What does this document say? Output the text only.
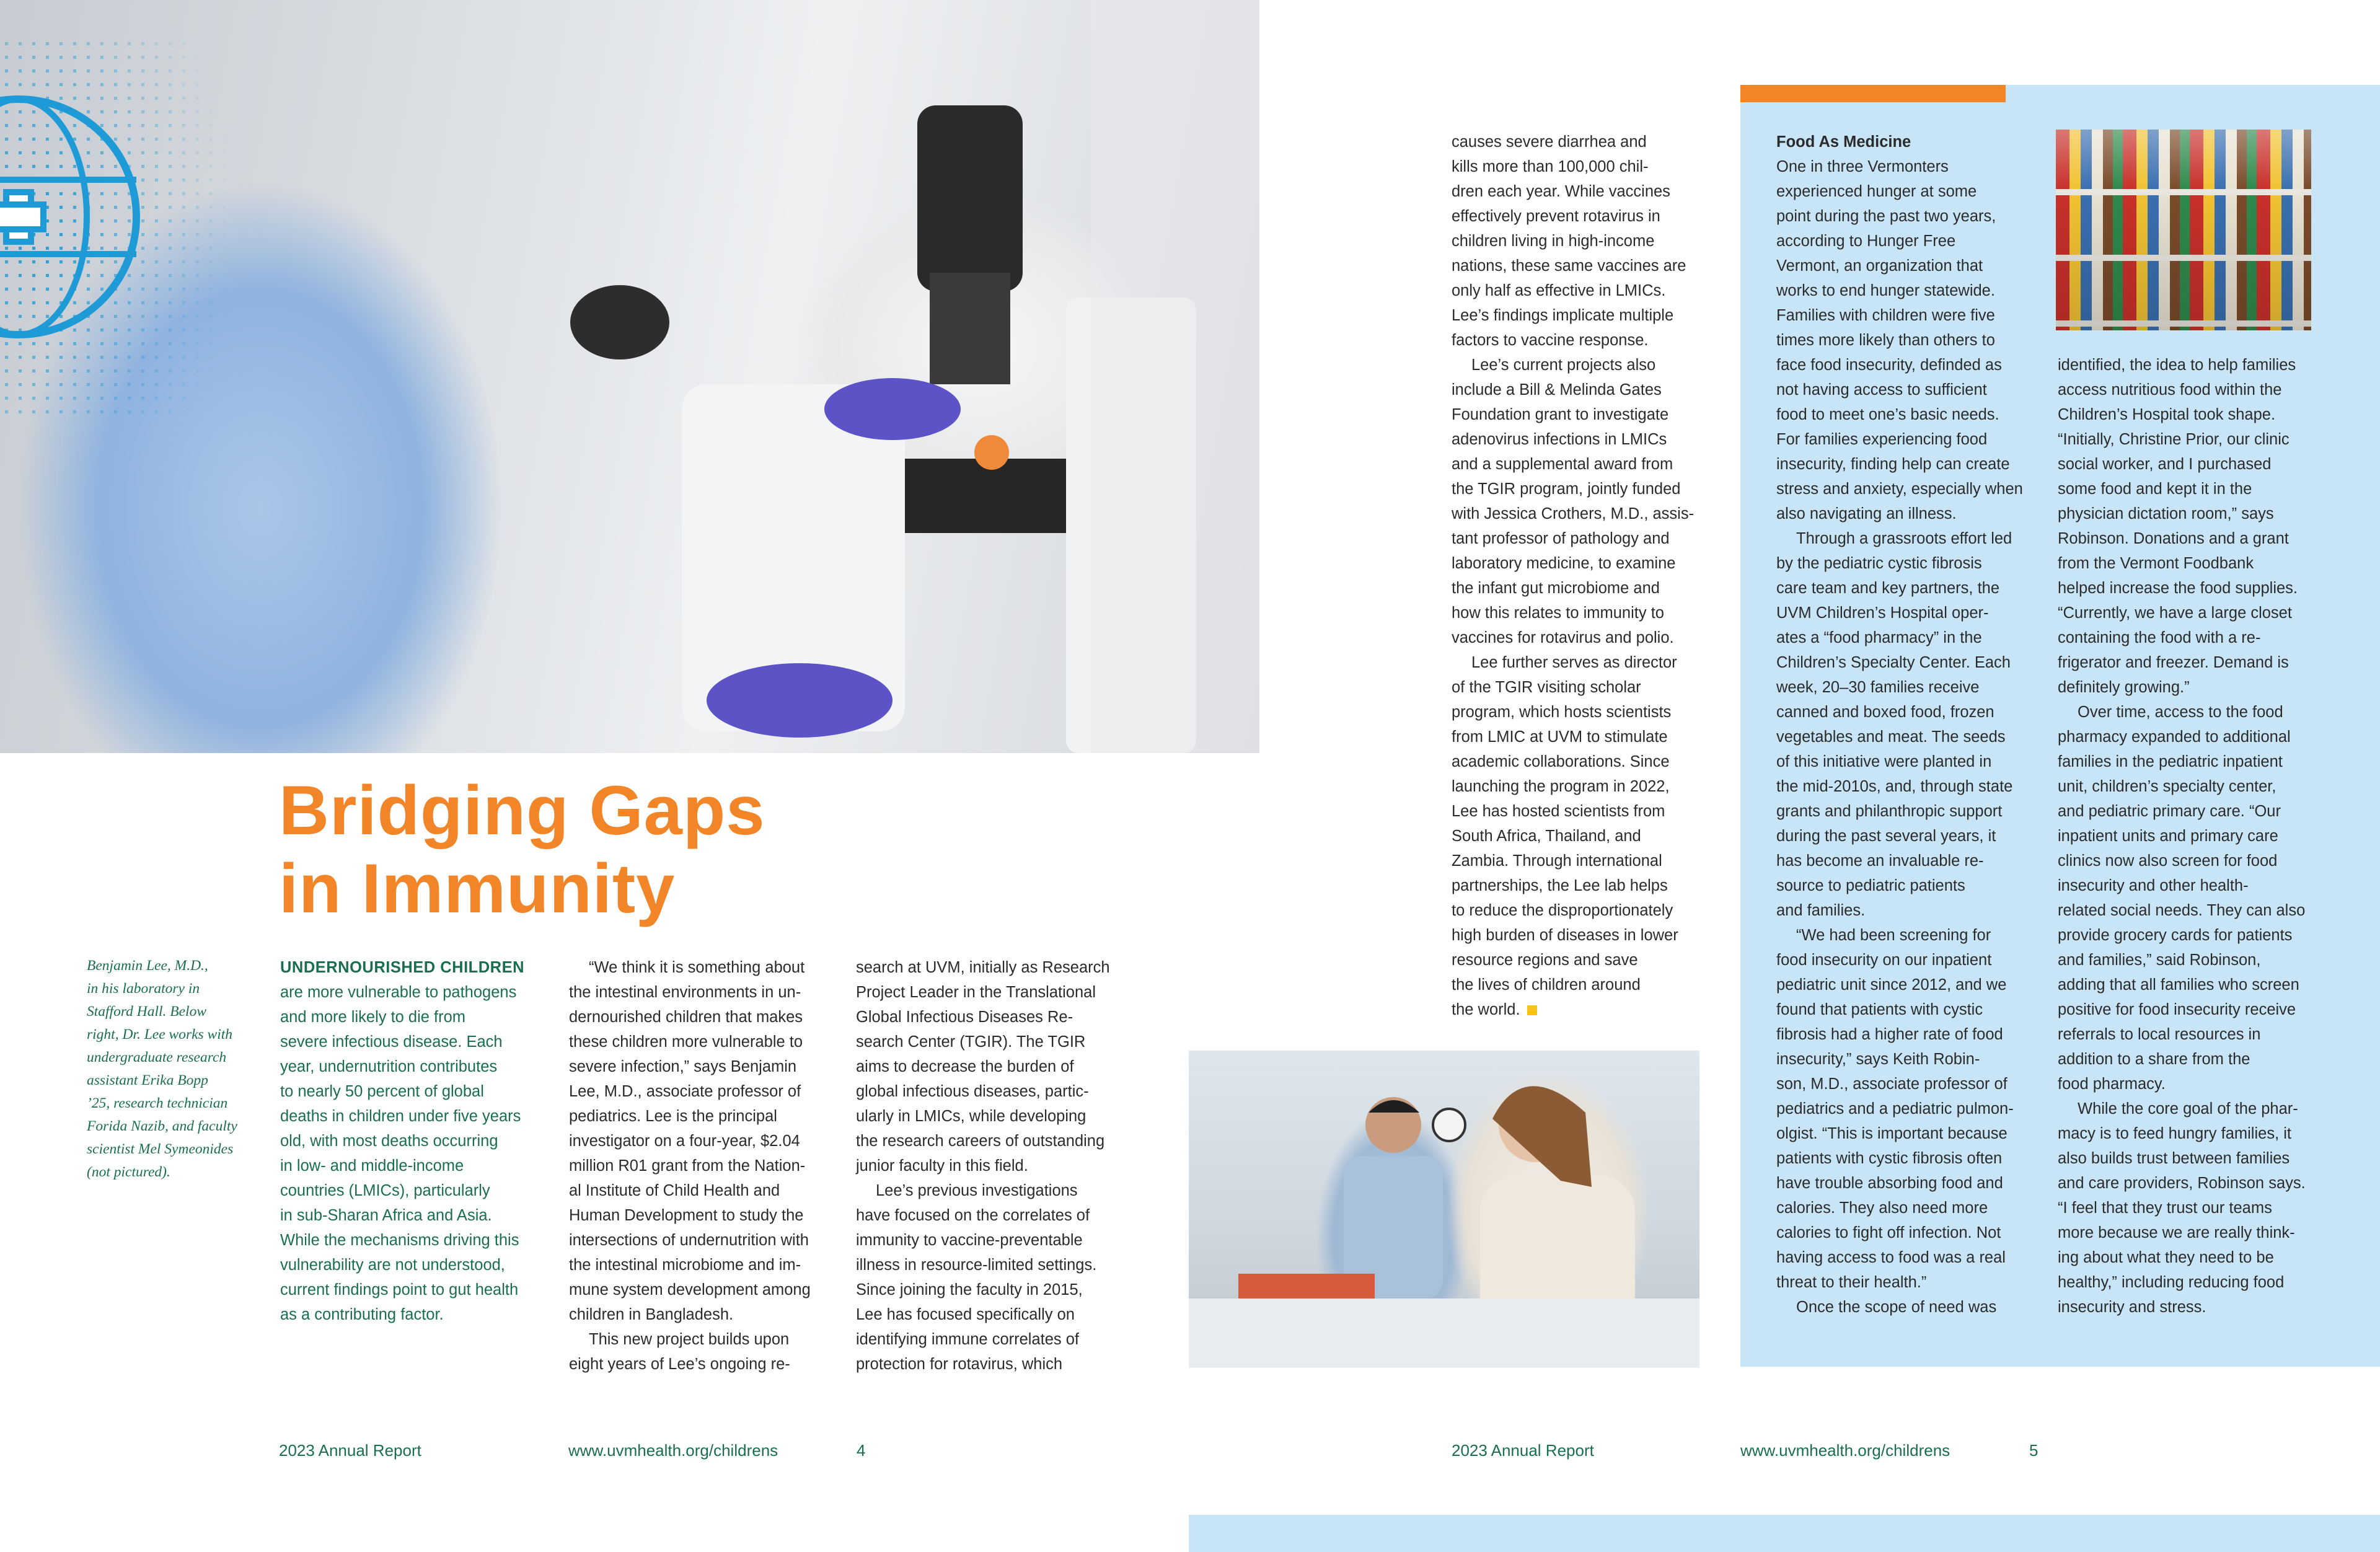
Bridging Gaps
in Immunity
Benjamin Lee, M.D.,
in his laboratory in
Stafford Hall. Below
right, Dr. Lee works with
undergraduate research
assistant Erika Bopp
’25, research technician
Forida Nazib, and faculty
scientist Mel Symeonides
(not pictured).
UNDERNOURISHED CHILDREN
are more vulnerable to pathogens
and more likely to die from
severe infectious disease. Each
year, undernutrition contributes
to nearly 50 percent of global
deaths in children under five years
old, with most deaths occurring
in low- and middle-income
countries (LMICs), particularly
in sub-Sharan Africa and Asia.
While the mechanisms driving this
vulnerability are not understood,
current findings point to gut health
as a contributing factor.
“We think it is something about
the intestinal environments in un-
dernourished children that makes
these children more vulnerable to
severe infection,” says Benjamin
Lee, M.D., associate professor of
pediatrics. Lee is the principal
investigator on a four-year, $2.04
million R01 grant from the Nation-
al Institute of Child Health and
Human Development to study the
intersections of undernutrition with
the intestinal microbiome and im-
mune system development among
children in Bangladesh.
This new project builds upon
eight years of Lee’s ongoing re-
search at UVM, initially as Research
Project Leader in the Translational
Global Infectious Diseases Re-
search Center (TGIR). The TGIR
aims to decrease the burden of
global infectious diseases, partic-
ularly in LMICs, while developing
the research careers of outstanding
junior faculty in this field.
Lee’s previous investigations
have focused on the correlates of
immunity to vaccine-preventable
illness in resource-limited settings.
Since joining the faculty in 2015,
Lee has focused specifically on
identifying immune correlates of
protection for rotavirus, which
2023 Annual Report	www.uvmhealth.org/childrens	4
causes severe diarrhea and
kills more than 100,000 chil-
dren each year. While vaccines
effectively prevent rotavirus in
children living in high-income
nations, these same vaccines are
only half as effective in LMICs.
Lee’s findings implicate multiple
factors to vaccine response.
Lee’s current projects also
include a Bill & Melinda Gates
Foundation grant to investigate
adenovirus infections in LMICs
and a supplemental award from
the TGIR program, jointly funded
with Jessica Crothers, M.D., assis-
tant professor of pathology and
laboratory medicine, to examine
the infant gut microbiome and
how this relates to immunity to
vaccines for rotavirus and polio.
Lee further serves as director
of the TGIR visiting scholar
program, which hosts scientists
from LMIC at UVM to stimulate
academic collaborations. Since
launching the program in 2022,
Lee has hosted scientists from
South Africa, Thailand, and
Zambia. Through international
partnerships, the Lee lab helps
to reduce the disproportionately
high burden of diseases in lower
resource regions and save
the lives of children around
the world.
Food As Medicine
One in three Vermonters
experienced hunger at some
point during the past two years,
according to Hunger Free
Vermont, an organization that
works to end hunger statewide.
Families with children were five
times more likely than others to
face food insecurity, definded as
not having access to sufficient
food to meet one’s basic needs.
For families experiencing food
insecurity, finding help can create
stress and anxiety, especially when
also navigating an illness.
Through a grassroots effort led
by the pediatric cystic fibrosis
care team and key partners, the
UVM Children’s Hospital oper-
ates a “food pharmacy” in the
Children’s Specialty Center. Each
week, 20–30 families receive
canned and boxed food, frozen
vegetables and meat. The seeds
of this initiative were planted in
the mid-2010s, and, through state
grants and philanthropic support
during the past several years, it
has become an invaluable re-
source to pediatric patients
and families.
“We had been screening for
food insecurity on our inpatient
pediatric unit since 2012, and we
found that patients with cystic
fibrosis had a higher rate of food
insecurity,” says Keith Robin-
son, M.D., associate professor of
pediatrics and a pediatric pulmon-
olgist. “This is important because
patients with cystic fibrosis often
have trouble absorbing food and
calories. They also need more
calories to fight off infection. Not
having access to food was a real
threat to their health.”
Once the scope of need was
identified, the idea to help families
access nutritious food within the
Children’s Hospital took shape.
“Initially, Christine Prior, our clinic
social worker, and I purchased
some food and kept it in the
physician dictation room,” says
Robinson. Donations and a grant
from the Vermont Foodbank
helped increase the food supplies.
“Currently, we have a large closet
containing the food with a re-
frigerator and freezer. Demand is
definitely growing.”
Over time, access to the food
pharmacy expanded to additional
families in the pediatric inpatient
unit, children’s specialty center,
and pediatric primary care. “Our
inpatient units and primary care
clinics now also screen for food
insecurity and other health-
related social needs. They can also
provide grocery cards for patients
and families,” said Robinson,
adding that all families who screen
positive for food insecurity receive
referrals to local resources in
addition to a share from the
food pharmacy.
While the core goal of the phar-
macy is to feed hungry families, it
also builds trust between families
and care providers, Robinson says.
“I feel that they trust our teams
more because we are really think-
ing about what they need to be
healthy,” including reducing food
insecurity and stress.
2023 Annual Report	www.uvmhealth.org/childrens	5
